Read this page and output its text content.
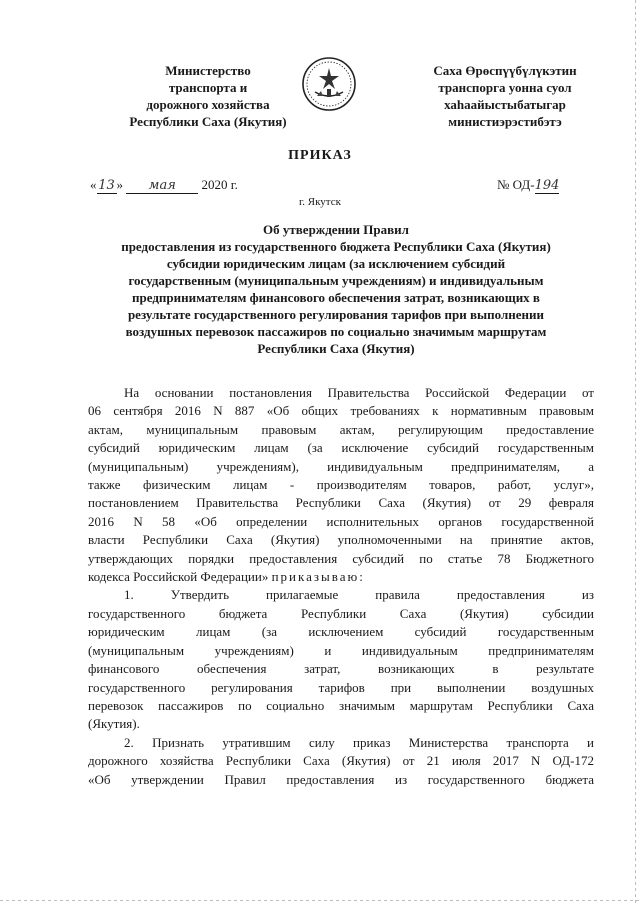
Министерство
транспорта и
дорожного хозяйства
Республики Саха (Якутия)
Саха Өрөспүүбүлүкэтин
транспорга уонна суол
хаһаайыстыбатыгар
министиэрэстибэтэ
ПРИКАЗ
« 13 » мая 2020 г.	№ ОД-194
г. Якутск
Об утверждении Правил
предоставления из государственного бюджета Республики Саха (Якутия)
субсидии юридическим лицам (за исключением субсидий
государственным (муниципальным учреждениям) и индивидуальным
предпринимателям финансового обеспечения затрат, возникающих в
результате государственного регулирования тарифов при выполнении
воздушных перевозок пассажиров по социально значимым маршрутам
Республики Саха (Якутия)
На основании постановления Правительства Российской Федерации от
06 сентября 2016 N 887 «Об общих требованиях к нормативным правовым
актам, муниципальным правовым актам, регулирующим предоставление
субсидий юридическим лицам (за исключение субсидий государственным
(муниципальным) учреждениям), индивидуальным предпринимателям, а
также физическим лицам - производителям товаров, работ, услуг»,
постановлением Правительства Республики Саха (Якутия) от 29 февраля
2016 N 58 «Об определении исполнительных органов государственной
власти Республики Саха (Якутия) уполномоченными на принятие актов,
утверждающих порядки предоставления субсидий по статье 78 Бюджетного
кодекса Российской Федерации» приказываю:
1. Утвердить прилагаемые правила предоставления из
государственного бюджета Республики Саха (Якутия) субсидии
юридическим лицам (за исключением субсидий государственным
(муниципальным учреждениям) и индивидуальным предпринимателям
финансового обеспечения затрат, возникающих в результате
государственного регулирования тарифов при выполнении воздушных
перевозок пассажиров по социально значимым маршрутам Республики Саха
(Якутия).
2. Признать утратившим силу приказ Министерства транспорта и
дорожного хозяйства Республики Саха (Якутия) от 21 июля 2017 N ОД-172
«Об утверждении Правил предоставления из государственного бюджета
